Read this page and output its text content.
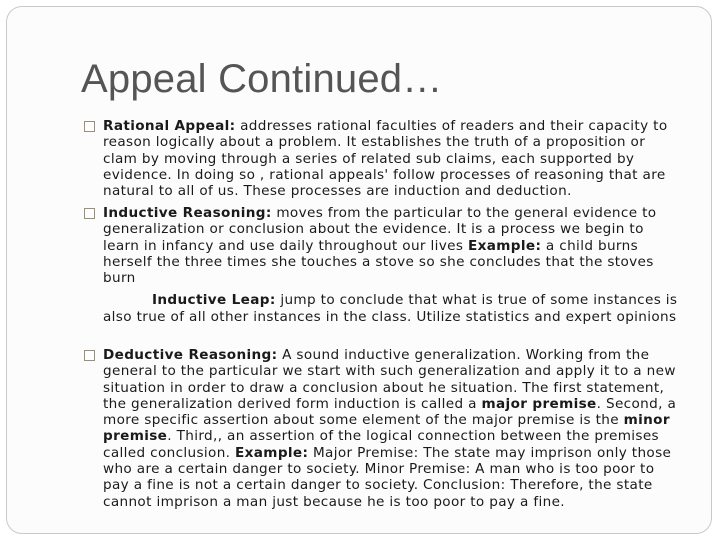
Appeal Continued…
Rational Appeal: addresses rational faculties of readers and their capacity to reason logically about a problem. It establishes the truth of a proposition or clam by moving through a series of related sub claims, each supported by evidence. In doing so , rational appeals' follow processes of reasoning that are natural to all of us. These processes are induction and deduction.
Inductive Reasoning: moves from the particular to the general evidence to generalization or conclusion about the evidence. It is a process we begin to learn in infancy and use daily throughout our lives Example: a child burns herself the three times she touches a stove so she concludes that the stoves burn
Inductive Leap: jump to conclude that what is true of some instances is also true of all other instances in the class. Utilize statistics and expert opinions
Deductive Reasoning: A sound inductive generalization. Working from the general to the particular we start with such generalization and apply it to a new situation in order to draw a conclusion about he situation. The first statement, the generalization derived form induction is called a major premise. Second, a more specific assertion about some element of the major premise is the minor premise. Third,, an assertion of the logical connection between the premises called conclusion. Example: Major Premise: The state may imprison only those who are a certain danger to society. Minor Premise: A man who is too poor to pay a fine is not a certain danger to society. Conclusion: Therefore, the state cannot imprison a man just because he is too poor to pay a fine.
